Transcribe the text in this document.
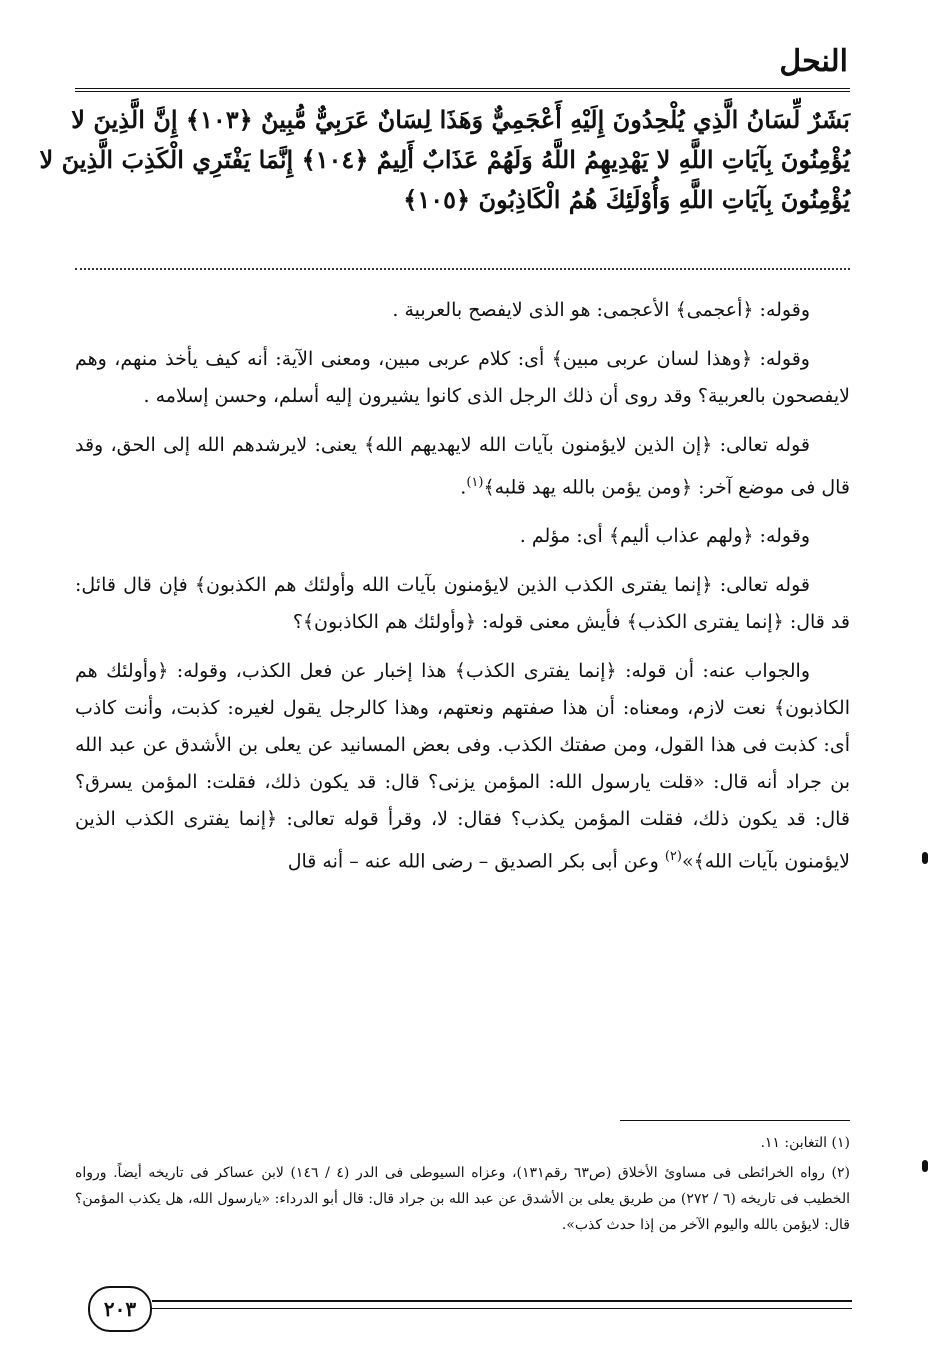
النحل
بَشَرٌ لِّسَانُ الَّذِي يُلْحِدُونَ إِلَيْهِ أَعْجَمِيٌّ وَهَذَا لِسَانٌ عَرَبِيٌّ مُّبِينٌ ﴿١٠٣﴾ إِنَّ الَّذِينَ لا
يُؤْمِنُونَ بِآيَاتِ اللَّهِ لا يَهْدِيهِمُ اللَّهُ وَلَهُمْ عَذَابٌ أَلِيمٌ ﴿١٠٤﴾ إِنَّمَا يَفْتَرِي الْكَذِبَ الَّذِينَ لا
يُؤْمِنُونَ بِآيَاتِ اللَّهِ وَأُوْلَئِكَ هُمُ الْكَاذِبُونَ ﴿١٠٥﴾

وقوله: ﴿أعجمى﴾ الأعجمى: هو الذى لايفصح بالعربية .

وقوله: ﴿وهذا لسان عربى مبين﴾ أى: كلام عربى مبين، ومعنى الآية: أنه كيف يأخذ منهم، وهم لايفصحون بالعربية؟ وقد روى أن ذلك الرجل الذى كانوا يشيرون إليه أسلم، وحسن إسلامه .

قوله تعالى: ﴿إن الذين لايؤمنون بآيات الله لايهديهم الله﴾ يعنى: لايرشدهم الله إلى الحق، وقد قال فى موضع آخر: ﴿ومن يؤمن بالله يهد قلبه﴾$^{(١)}$.

وقوله: ﴿ولهم عذاب أليم﴾ أى: مؤلم .

قوله تعالى: ﴿إنما يفترى الكذب الذين لايؤمنون بآيات الله وأولئك هم الكذبون﴾ فإن قال قائل: قد قال: ﴿إنما يفترى الكذب﴾ فأيش معنى قوله: ﴿وأولئك هم الكاذبون﴾؟

والجواب عنه: أن قوله: ﴿إنما يفترى الكذب﴾ هذا إخبار عن فعل الكذب، وقوله: ﴿وأولئك هم الكاذبون﴾ نعت لازم، ومعناه: أن هذا صفتهم ونعتهم، وهذا كالرجل يقول لغيره: كذبت، وأنت كاذب أى: كذبت فى هذا القول، ومن صفتك الكذب. وفى بعض المسانيد عن يعلى بن الأشدق عن عبد الله بن جراد أنه قال: «قلت يارسول الله: المؤمن يزنى؟ قال: قد يكون ذلك، فقلت: المؤمن يسرق؟ قال: قد يكون ذلك، فقلت المؤمن يكذب؟ فقال: لا، وقرأ قوله تعالى: ﴿إنما يفترى الكذب الذين لايؤمنون بآيات الله﴾»$^{(٢)}$ وعن أبى بكر الصديق – رضى الله عنه – أنه قال

(١) التغابن: ١١.

(٢) رواه الخرائطى فى مساوئ الأخلاق (ص٦٣ رقم١٣١)، وعزاه السيوطى فى الدر (٤ / ١٤٦) لابن عساكر فى تاريخه أيضاً. ورواه الخطيب فى تاريخه (٦ / ٢٧٢) من طريق يعلى بن الأشدق عن عبد الله بن جراد قال: قال أبو الدرداء: «يارسول الله، هل يكذب المؤمن؟ قال: لايؤمن بالله واليوم الآخر من إذا حدث كذب».

٢٠٣
